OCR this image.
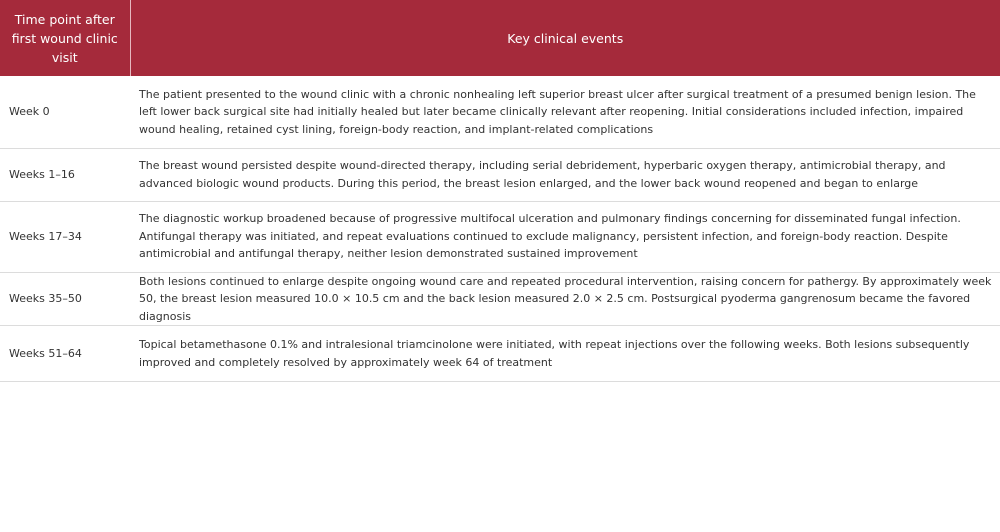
Time point after first wound clinic visit	Key clinical events
Week 0	The patient presented to the wound clinic with a chronic nonhealing left superior breast ulcer after surgical treatment of a presumed benign lesion. The left lower back surgical site had initially healed but later became clinically relevant after reopening. Initial considerations included infection, impaired wound healing, retained cyst lining, foreign-body reaction, and implant-related complications
Weeks 1–16	The breast wound persisted despite wound-directed therapy, including serial debridement, hyperbaric oxygen therapy, antimicrobial therapy, and advanced biologic wound products. During this period, the breast lesion enlarged, and the lower back wound reopened and began to enlarge
Weeks 17–34	The diagnostic workup broadened because of progressive multifocal ulceration and pulmonary findings concerning for disseminated fungal infection. Antifungal therapy was initiated, and repeat evaluations continued to exclude malignancy, persistent infection, and foreign-body reaction. Despite antimicrobial and antifungal therapy, neither lesion demonstrated sustained improvement
Weeks 35–50	Both lesions continued to enlarge despite ongoing wound care and repeated procedural intervention, raising concern for pathergy. By approximately week 50, the breast lesion measured 10.0 × 10.5 cm and the back lesion measured 2.0 × 2.5 cm. Postsurgical pyoderma gangrenosum became the favored diagnosis
Weeks 51–64	Topical betamethasone 0.1% and intralesional triamcinolone were initiated, with repeat injections over the following weeks. Both lesions subsequently improved and completely resolved by approximately week 64 of treatment
